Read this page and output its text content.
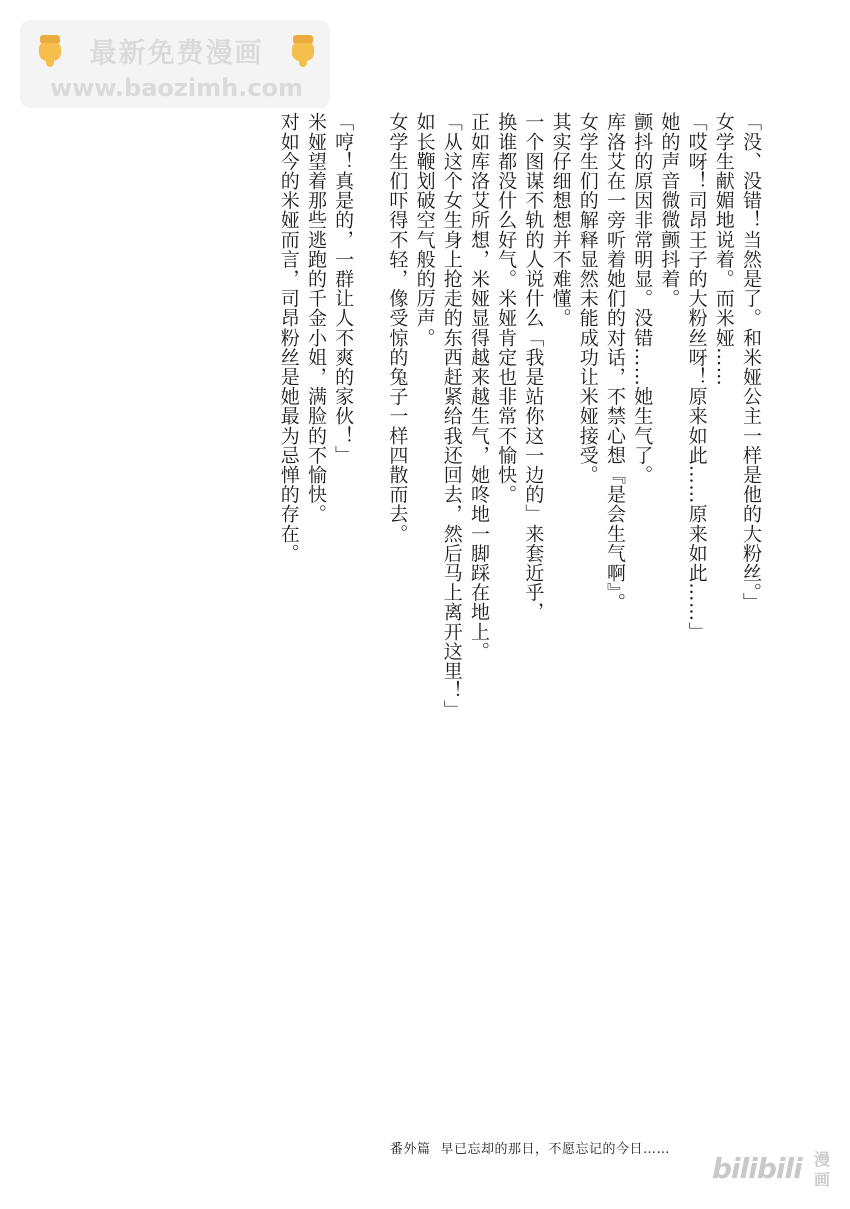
最新免费漫画
www.baozimh.com

「没、没错！当然是了。和米娅公主一样是他的大粉丝。」

女学生献媚地说着。而米娅……

「哎呀！司昂王子的大粉丝呀！原来如此……原来如此……」

她的声音微微颤抖着。

颤抖的原因非常明显。没错……她生气了。

库洛艾在一旁听着她们的对话，不禁心想『是会生气啊』。

女学生们的解释显然未能成功让米娅接受。

其实仔细想想并不难懂。

一个图谋不轨的人说什么「我是站你这一边的」来套近乎，

换谁都没什么好气。米娅肯定也非常不愉快。

正如库洛艾所想，米娅显得越来越生气，她咚地一脚踩在地上。

「从这个女生身上抢走的东西赶紧给我还回去，然后马上离开这里！」

如长鞭划破空气般的厉声。

女学生们吓得不轻，像受惊的兔子一样四散而去。

「哼！真是的，一群让人不爽的家伙！」

米娅望着那些逃跑的千金小姐，满脸的不愉快。

对如今的米娅而言，司昂粉丝是她最为忌惮的存在。

番外篇 早已忘却的那日，不愿忘记的今日……
bilibili 漫画
